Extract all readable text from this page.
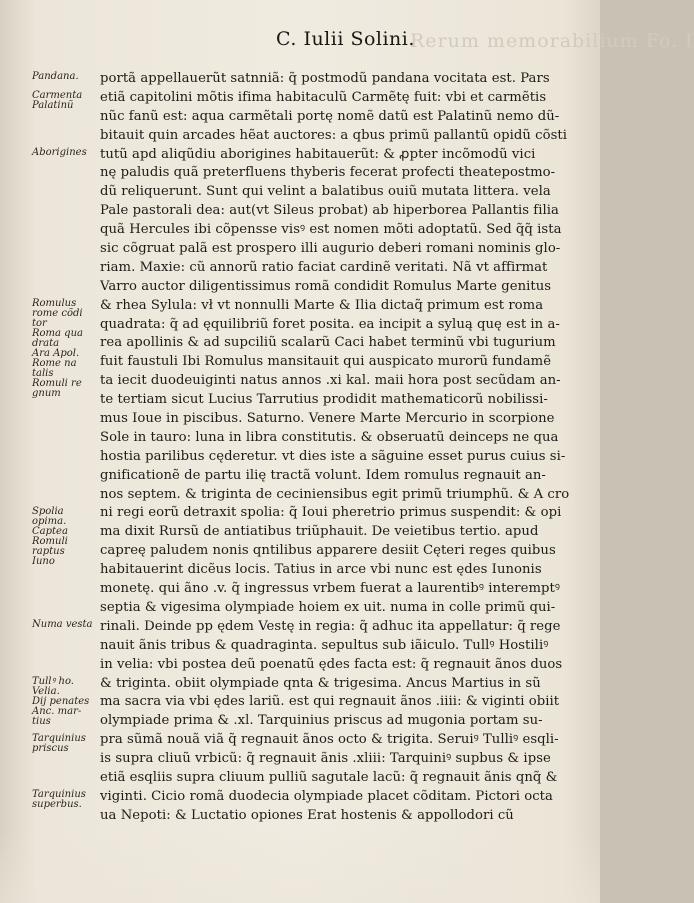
Rerum memorabilium Fo. I
C. Iulii Solini.
Pandana.
Carmenta
Palatinũ
Aborigines
Romulus
rome cõdi
tor
Roma qua
drata
Ara Apol.
Rome na
talis
Romuli re
gnum
Spolia
opima.
Captea
Romuli
raptus
Iuno
Numa vesta
Tullꝰ ho.
Velia.
Dij penates
Anc. mar-
tius
Tarquinius
priscus
Tarquinius
superbus.
portã appellauerũt satnniã: q̃ postmodũ pandana vocitata est. Pars
etiã capitolini mõtis ifima habitaculũ Carmẽtę fuit: vbi et carmẽtis
nũc fanũ est: aqua carmẽtali portę nomẽ datũ est Palatinũ nemo dũ-
bitauit quin arcades hẽat auctores: a qbus primũ pallantũ opidũ cõsti
tutũ apd aliqũdiu aborigines habitauerũt: & ꝓpter incõmodũ vici
nę paludis quã preterfluens thyberis fecerat profecti theatepostmo-
dũ reliquerunt. Sunt qui velint a balatibus ouiũ mutata littera. vela
Pale pastorali dea: aut(vt Sileus probat) ab hiperborea Pallantis filia
quã Hercules ibi cõpensse visꝰ est nomen mõti adoptatũ. Sed q̃q̃ ista
sic cõgruat palã est prospero illi augurio deberi romani nominis glo-
riam. Maxie: cũ annorũ ratio faciat cardinẽ veritati. Nã vt affirmat
Varro auctor diligentissimus romã condidit Romulus Marte genitus
& rhea Sylula: vł vt nonnulli Marte & Ilia dictaq̃ primum est roma
quadrata: q̃ ad ęquilibriũ foret posita. ea incipit a syluą quę est in a-
rea apollinis & ad supciliũ scalarũ Caci habet terminũ vbi tugurium
fuit faustuli Ibi Romulus mansitauit qui auspicato murorũ fundamẽ
ta iecit duodeuiginti natus annos .xi kal. maii hora post secũdam an-
te tertiam sicut Lucius Tarrutius prodidit mathematicorũ nobilissi-
mus Ioue in piscibus. Saturno. Venere Marte Mercurio in scorpione
Sole in tauro: luna in libra constitutis. & obseruatũ deinceps ne qua
hostia parilibus cęderetur. vt dies iste a sãguine esset purus cuius si-
gnificationẽ de partu ilię tractã volunt. Idem romulus regnauit an-
nos septem. & triginta de ceciniensibus egit primũ triumphũ. & A cro
ni regi eorũ detraxit spolia: q̃ Ioui pheretrio primus suspendit: & opi
ma dixit Rursũ de antiatibus triũphauit. De veietibus tertio. apud
capreę paludem nonis qntilibus apparere desiit Cęteri reges quibus
habitauerint dicẽus locis. Tatius in arce vbi nunc est ędes Iunonis
monetę. qui ãno .v. q̃ ingressus vrbem fuerat a laurentibꝰ interemptꝰ
septia & vigesima olympiade hoiem ex uit. numa in colle primũ qui-
rinali. Deinde pp ędem Vestę in regia: q̃ adhuc ita appellatur: q̃ rege
nauit ãnis tribus & quadraginta. sepultus sub iãiculo. Tullꝰ Hostiliꝰ
in velia: vbi postea deũ poenatũ ędes facta est: q̃ regnauit ãnos duos
& triginta. obiit olympiade qnta & trigesima. Ancus Martius in sũ
ma sacra via vbi ędes lariũ. est qui regnauit ãnos .iiii: & viginti obiit
olympiade prima & .xl. Tarquinius priscus ad mugonia portam su-
pra sũmã nouã viã q̃ regnauit ãnos octo & trigita. Seruiꝰ Tulliꝰ esqli-
is supra cliuũ vrbicũ: q̃ regnauit ãnis .xliii: Tarquiniꝰ supbus & ipse
etiã esqliis supra cliuum pulliũ sagutale lacũ: q̃ regnauit ãnis qnq̃ &
viginti. Cicio romã duodecia olympiade placet cõditam. Pictori octa
ua Nepoti: & Luctatio opiones Erat hostenis & appollodori cũ
